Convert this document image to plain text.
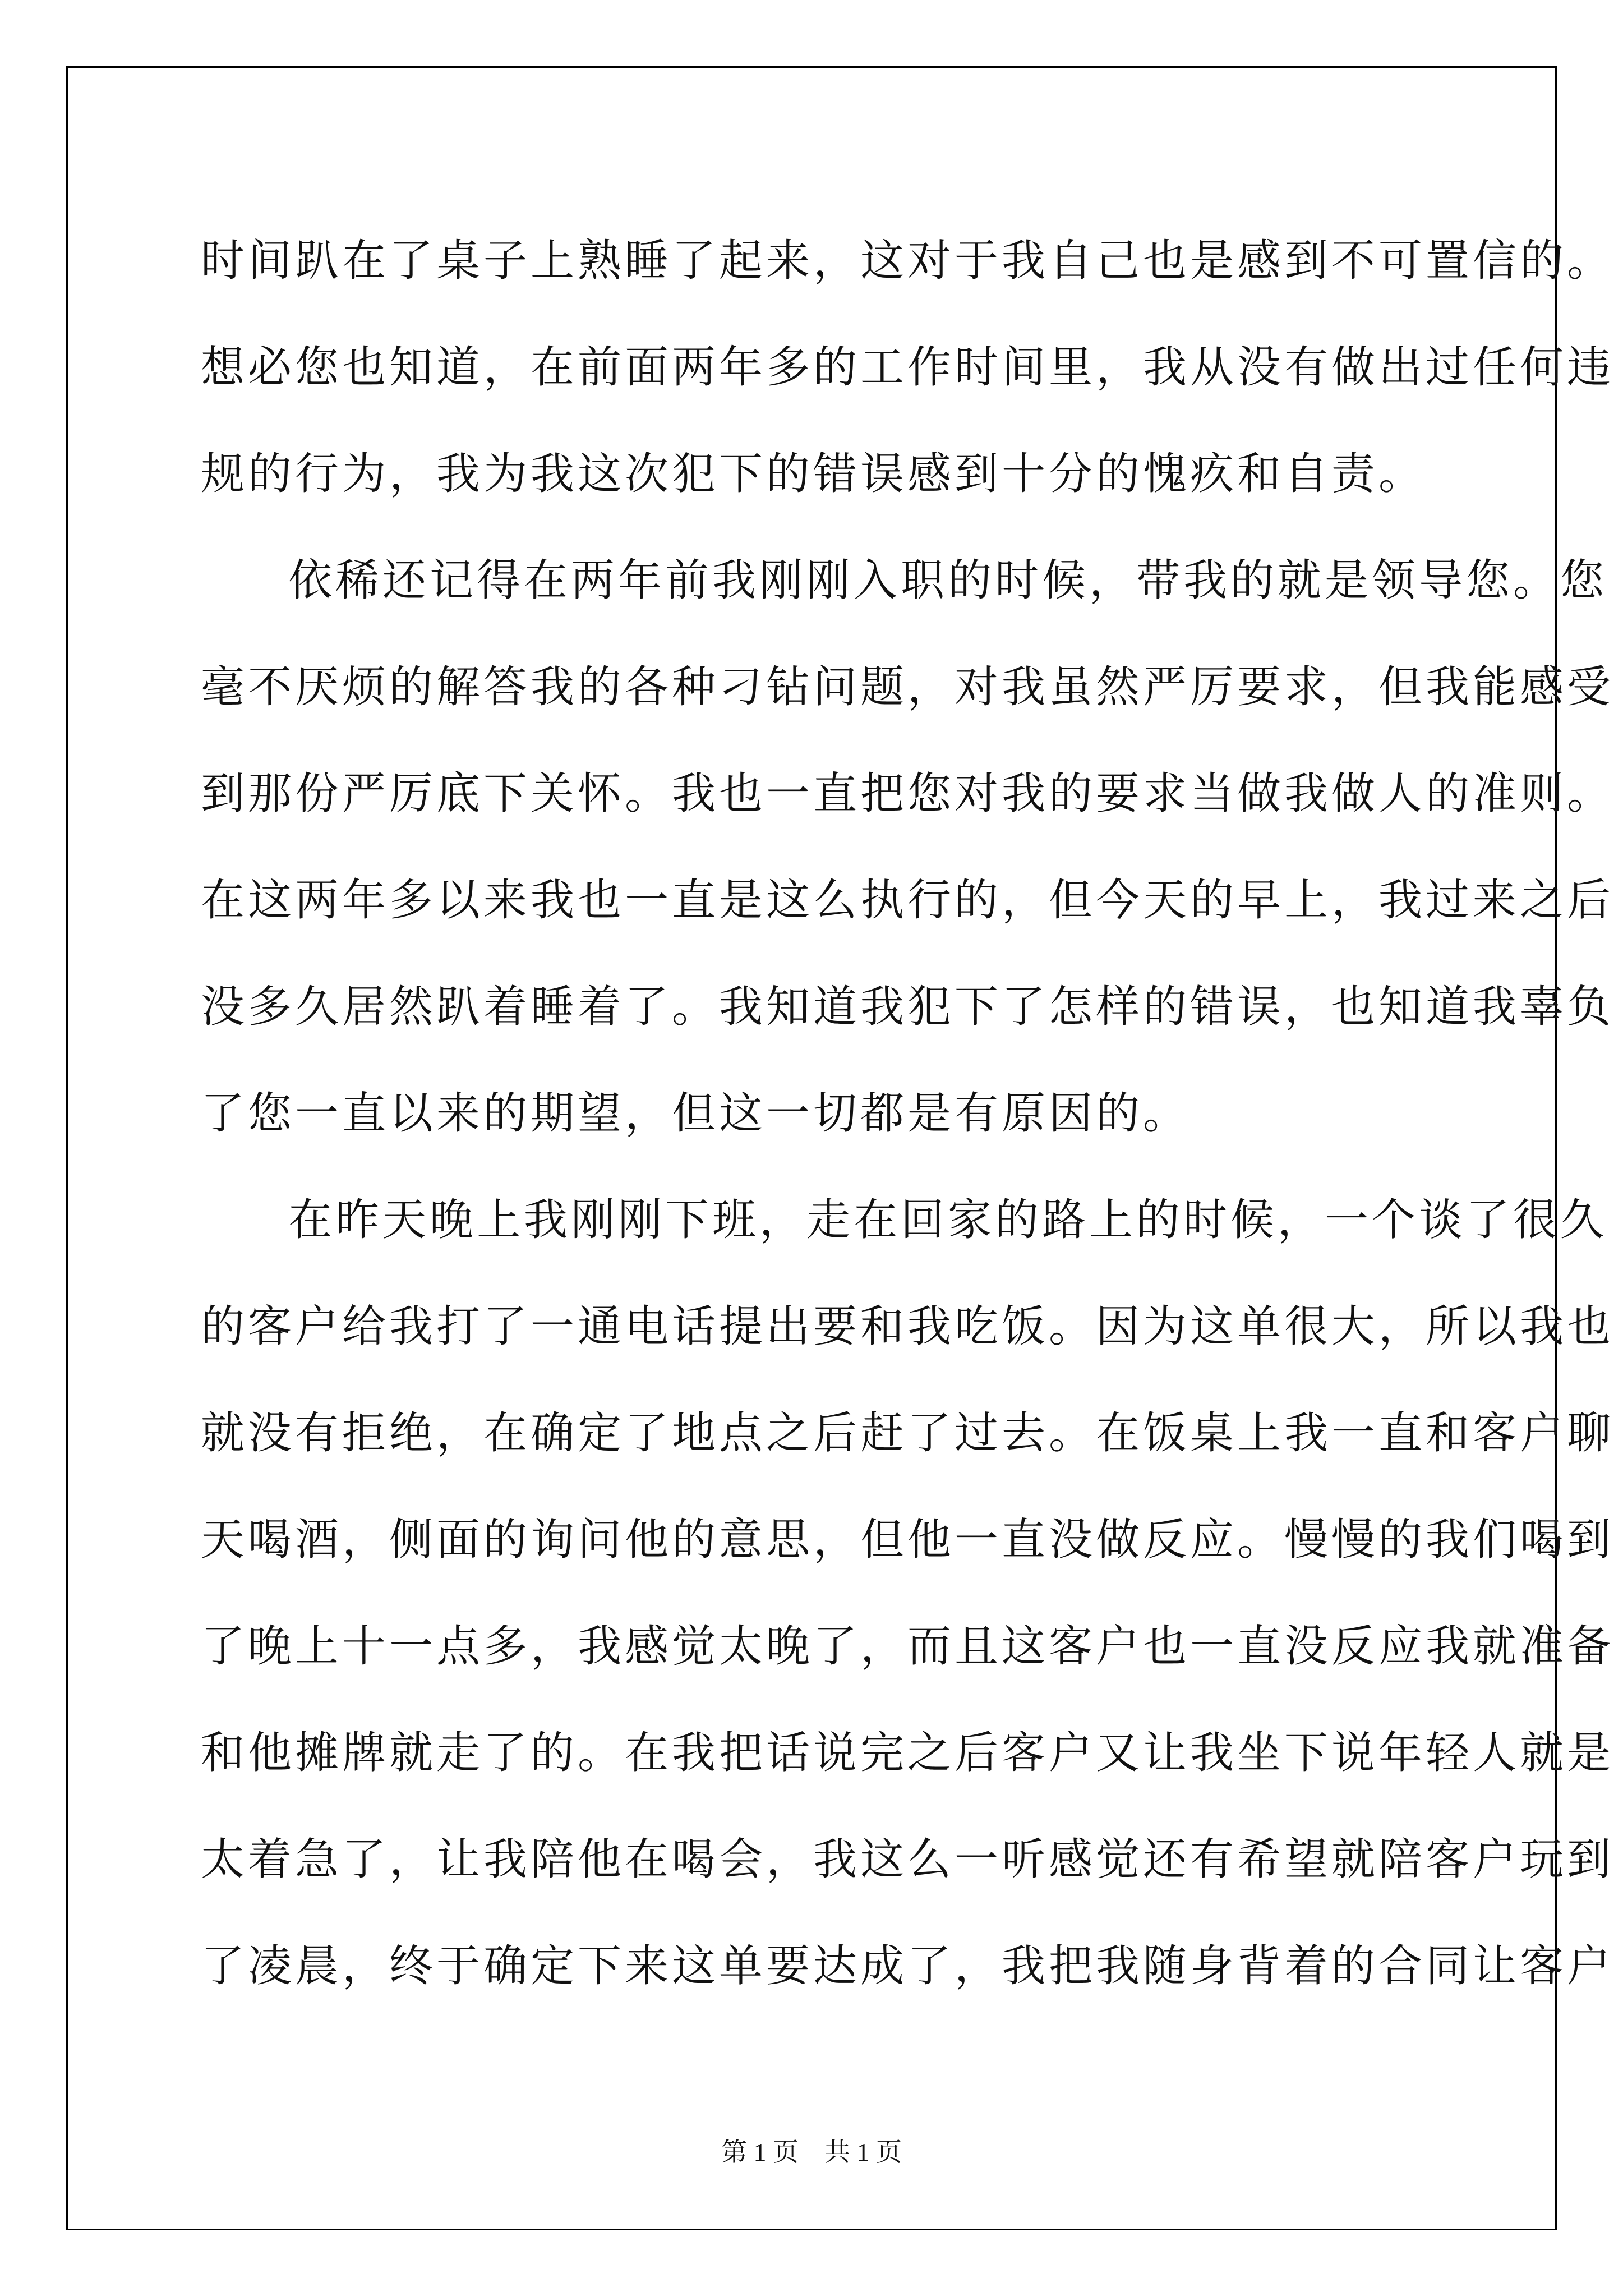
时间趴在了桌子上熟睡了起来，这对于我自己也是感到不可置信的。
想必您也知道，在前面两年多的工作时间里，我从没有做出过任何违
规的行为，我为我这次犯下的错误感到十分的愧疚和自责。
依稀还记得在两年前我刚刚入职的时候，带我的就是领导您。您
毫不厌烦的解答我的各种刁钻问题，对我虽然严厉要求，但我能感受
到那份严厉底下关怀。我也一直把您对我的要求当做我做人的准则。
在这两年多以来我也一直是这么执行的，但今天的早上，我过来之后
没多久居然趴着睡着了。我知道我犯下了怎样的错误，也知道我辜负
了您一直以来的期望，但这一切都是有原因的。
在昨天晚上我刚刚下班，走在回家的路上的时候，一个谈了很久
的客户给我打了一通电话提出要和我吃饭。因为这单很大，所以我也
就没有拒绝，在确定了地点之后赶了过去。在饭桌上我一直和客户聊
天喝酒，侧面的询问他的意思，但他一直没做反应。慢慢的我们喝到
了晚上十一点多，我感觉太晚了，而且这客户也一直没反应我就准备
和他摊牌就走了的。在我把话说完之后客户又让我坐下说年轻人就是
太着急了，让我陪他在喝会，我这么一听感觉还有希望就陪客户玩到
了凌晨，终于确定下来这单要达成了，我把我随身背着的合同让客户
第 1 页　共 1 页
